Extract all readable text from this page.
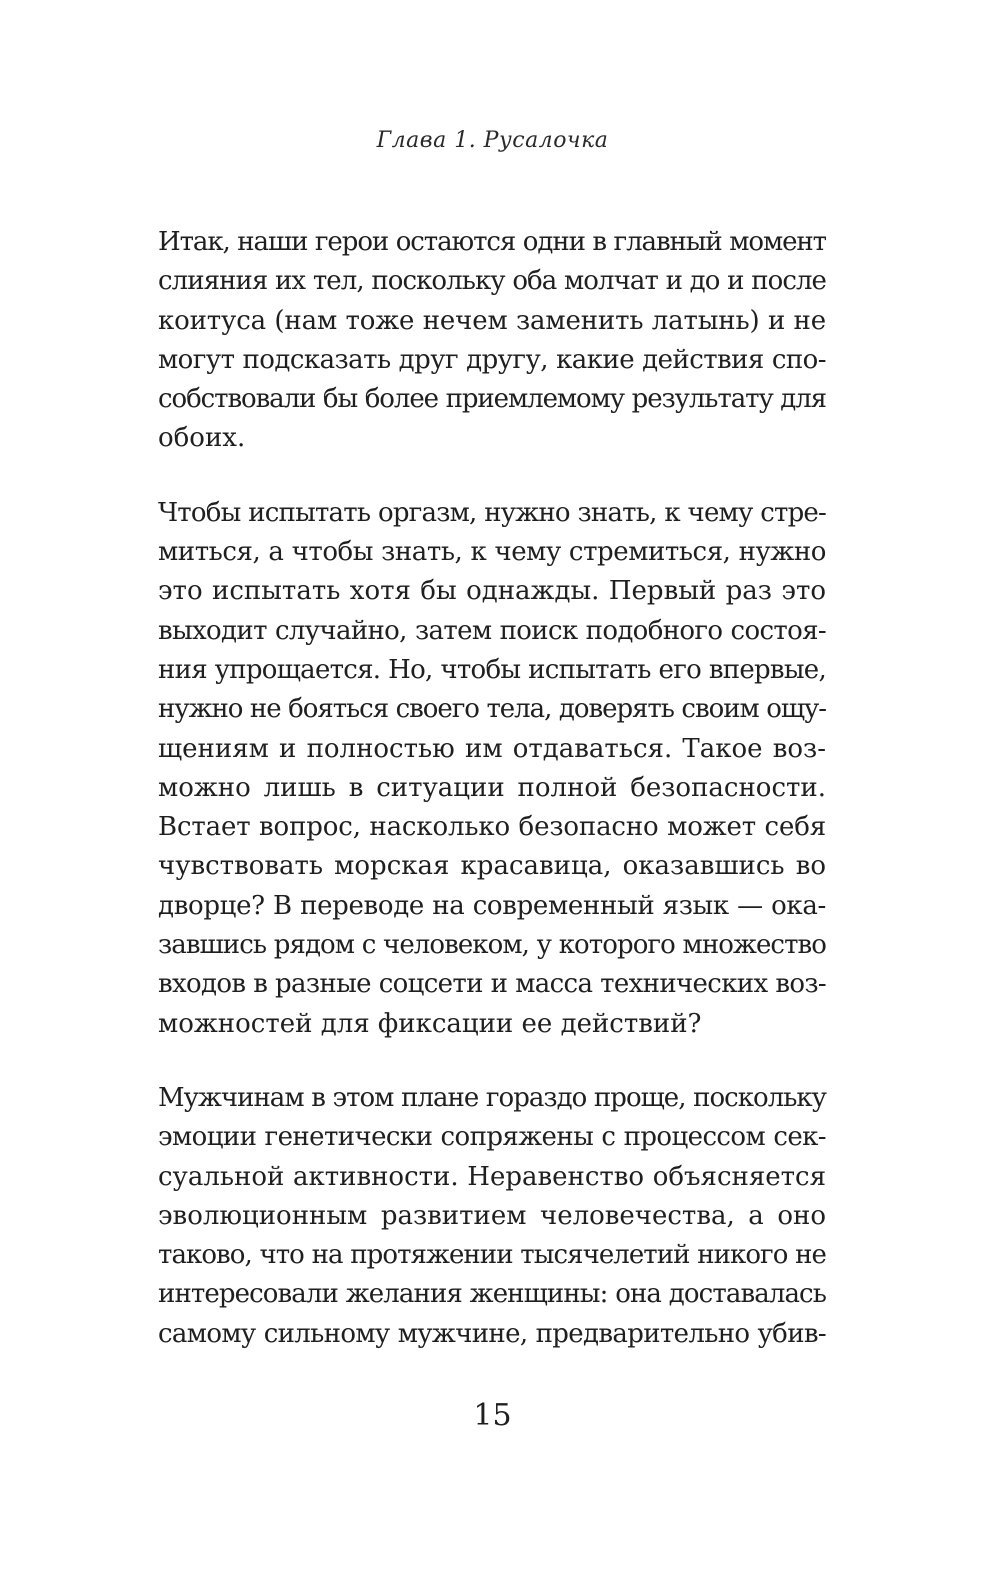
Глава 1. Русалочка

Итак, наши герои остаются одни в главный момент
слияния их тел, поскольку оба молчат и до и после
коитуса (нам тоже нечем заменить латынь) и не
могут подсказать друг другу, какие действия спо-
собствовали бы более приемлемому результату для
обоих.

Чтобы испытать оргазм, нужно знать, к чему стре-
миться, а чтобы знать, к чему стремиться, нужно
это испытать хотя бы однажды. Первый раз это
выходит случайно, затем поиск подобного состоя-
ния упрощается. Но, чтобы испытать его впервые,
нужно не бояться своего тела, доверять своим ощу-
щениям и полностью им отдаваться. Такое воз-
можно лишь в ситуации полной безопасности.
Встает вопрос, насколько безопасно может себя
чувствовать морская красавица, оказавшись во
дворце? В переводе на современный язык — ока-
завшись рядом с человеком, у которого множество
входов в разные соцсети и масса технических воз-
можностей для фиксации ее действий?

Мужчинам в этом плане гораздо проще, поскольку
эмоции генетически сопряжены с процессом сек-
суальной активности. Неравенство объясняется
эволюционным развитием человечества, а оно
таково, что на протяжении тысячелетий никого не
интересовали желания женщины: она доставалась
самому сильному мужчине, предварительно убив-

15
